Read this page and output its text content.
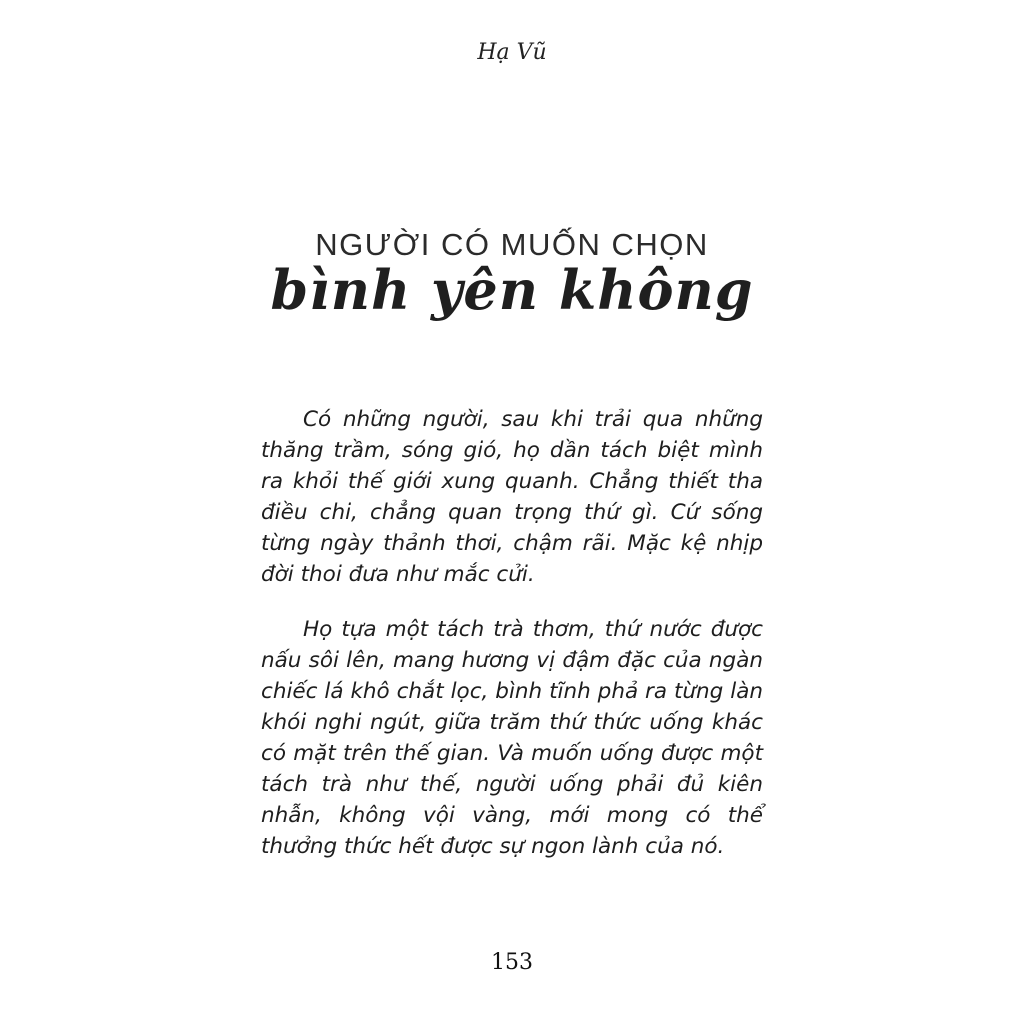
Hạ Vũ
NGƯỜI CÓ MUỐN CHỌN
bình yên không

Có những người, sau khi trải qua những thăng trầm, sóng gió, họ dần tách biệt mình ra khỏi thế giới xung quanh. Chẳng thiết tha điều chi, chẳng quan trọng thứ gì. Cứ sống từng ngày thảnh thơi, chậm rãi. Mặc kệ nhịp đời thoi đưa như mắc cửi.

Họ tựa một tách trà thơm, thứ nước được nấu sôi lên, mang hương vị đậm đặc của ngàn chiếc lá khô chắt lọc, bình tĩnh phả ra từng làn khói nghi ngút, giữa trăm thứ thức uống khác có mặt trên thế gian. Và muốn uống được một tách trà như thế, người uống phải đủ kiên nhẫn, không vội vàng, mới mong có thể thưởng thức hết được sự ngon lành của nó.

153
